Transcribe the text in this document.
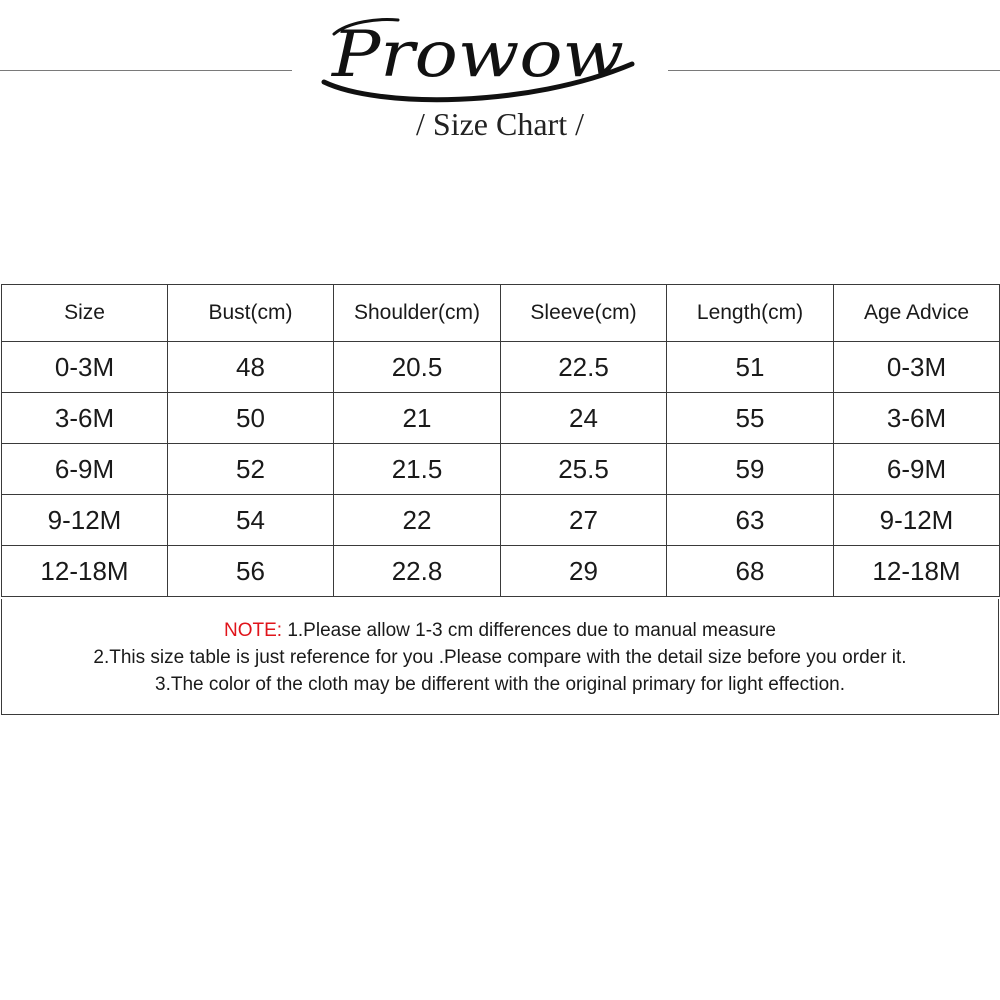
Prowow
/ Size Chart /
Size	Bust(cm)	Shoulder(cm)	Sleeve(cm)	Length(cm)	Age Advice
0-3M	48	20.5	22.5	51	0-3M
3-6M	50	21	24	55	3-6M
6-9M	52	21.5	25.5	59	6-9M
9-12M	54	22	27	63	9-12M
12-18M	56	22.8	29	68	12-18M
NOTE: 1.Please allow 1-3 cm differences due to manual measure
2.This size table is just reference for you .Please compare with the detail size before you order it.
3.The color of the cloth may be different with the original primary for light effection.
